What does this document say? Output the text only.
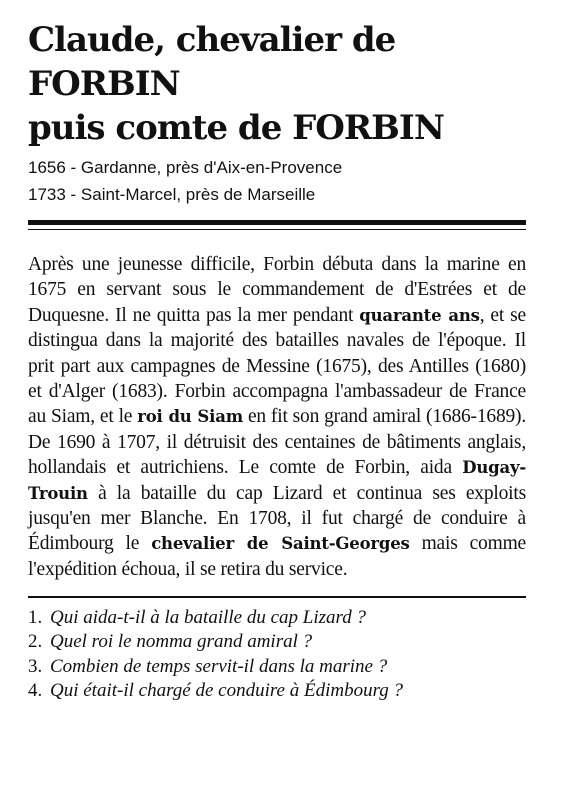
Claude, chevalier de FORBIN
puis comte de FORBIN
1656 - Gardanne, près d'Aix-en-Provence
1733 - Saint-Marcel, près de Marseille
Après une jeunesse difficile, Forbin débuta dans la marine en 1675 en servant sous le commandement de d'Estrées et de Duquesne. Il ne quitta pas la mer pendant quarante ans, et se distingua dans la majorité des batailles navales de l'époque. Il prit part aux campagnes de Messine (1675), des Antilles (1680) et d'Alger (1683). Forbin accompagna l'ambassadeur de France au Siam, et le roi du Siam en fit son grand amiral (1686-1689). De 1690 à 1707, il détruisit des centaines de bâtiments anglais, hollandais et autrichiens. Le comte de Forbin, aida Dugay-Trouin à la bataille du cap Lizard et continua ses exploits jusqu'en mer Blanche. En 1708, il fut chargé de conduire à Édimbourg le chevalier de Saint-Georges mais comme l'expédition échoua, il se retira du service.
1. Qui aida-t-il à la bataille du cap Lizard ?
2. Quel roi le nomma grand amiral ?
3. Combien de temps servit-il dans la marine ?
4. Qui était-il chargé de conduire à Édimbourg ?
